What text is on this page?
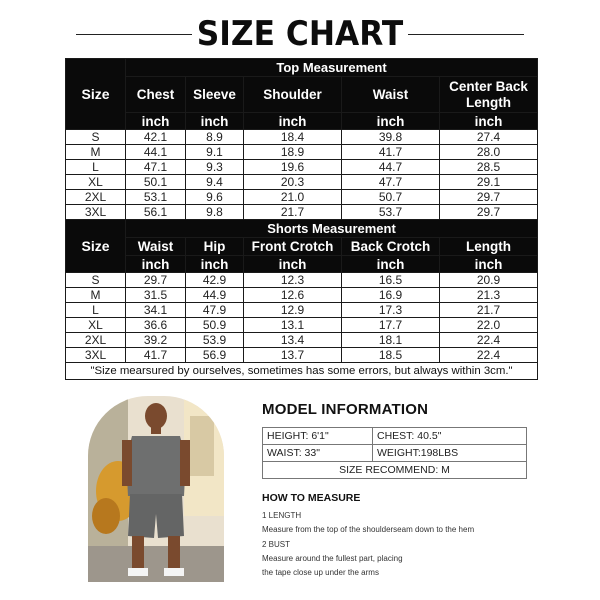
SIZE CHART
Size	Top Measurement				
	Chest	Sleeve	Shoulder	Waist	Center Back
Length
	inch	inch	inch	inch	inch
S	42.1	8.9	18.4	39.8	27.4
M	44.1	9.1	18.9	41.7	28.0
L	47.1	9.3	19.6	44.7	28.5
XL	50.1	9.4	20.3	47.7	29.1
2XL	53.1	9.6	21.0	50.7	29.7
3XL	56.1	9.8	21.7	53.7	29.7
Size	Shorts Measurement				
	Waist	Hip	Front Crotch	Back Crotch	Length
	inch	inch	inch	inch	inch
S	29.7	42.9	12.3	16.5	20.9
M	31.5	44.9	12.6	16.9	21.3
L	34.1	47.9	12.9	17.3	21.7
XL	36.6	50.9	13.1	17.7	22.0
2XL	39.2	53.9	13.4	18.1	22.4
3XL	41.7	56.9	13.7	18.5	22.4
"Size mearsured by ourselves, sometimes has some errors, but always within 3cm."					
MODEL INFORMATION
HEIGHT: 6'1"	CHEST: 40.5"
WAIST: 33"	WEIGHT:198LBS
SIZE RECOMMEND: M	
HOW TO MEASURE
1 LENGTH
Measure from the top of the shoulderseam down to the hem
2 BUST
Measure around the fullest part, placing
the tape close up under the arms
